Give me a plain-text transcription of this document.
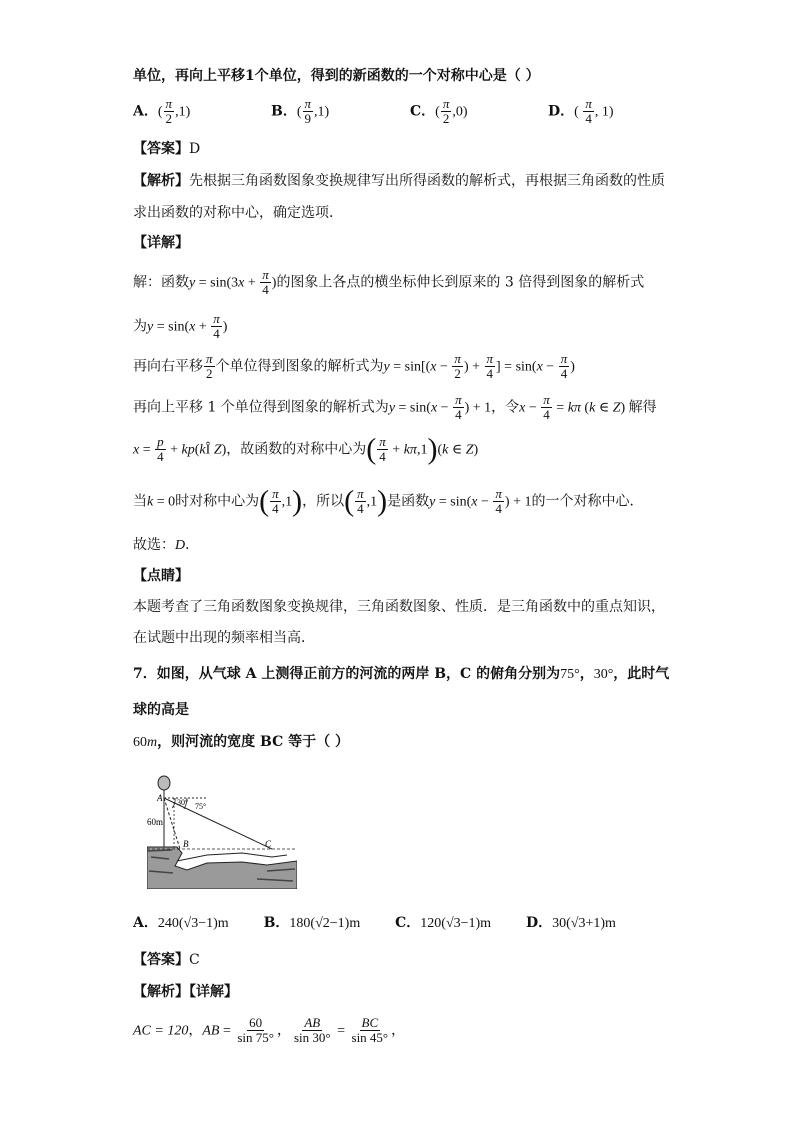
单位，再向上平移1个单位，得到的新函数的一个对称中心是（ ）
A．( $\frac{\pi}{2} ,1$)	B．( $\frac{\pi}{9} ,1$)	C．( $\frac{\pi}{2} ,0$)	D．( $\frac{\pi}{4}$ , 1)
【答案】D
【解析】先根据三角函数图象变换规律写出所得函数的解析式，再根据三角函数的性质
求出函数的对称中心，确定选项．
【详解】
解：函数$y = \sin(3x + \frac{\pi}{4}$ )的图象上各点的横坐标伸长到原来的 3 倍得到图象的解析式
为$y = \sin(x + \frac{\pi}{4}$ )
再向右平移 $\frac{\pi}{2}$ 个单位得到图象的解析式为$y = \sin[(x - \frac{\pi}{2}$ ) + $\frac{\pi}{4}$ ] = $\sin(x - \frac{\pi}{4}$ )
再向上平移 1 个单位得到图象的解析式为$y = \sin(x - \frac{\pi}{4}$ ) + 1，令$x - \frac{\pi}{4} = k\pi$ (k ∈ Z) 解得
$x = \frac{p}{4}$ + kp(kÎ Z)，故函数的对称中心为( $\frac{\pi}{4} + k\pi,1)(k$ ∈ Z)
当k = 0时对称中心为( $\frac{\pi}{4} ,1$)，所以( $\frac{\pi}{4} ,1$)是函数$y = \sin(x - \frac{\pi}{4}$ ) + 1的一个对称中心．
故选：D．
【点睛】
本题考查了三角函数图象变换规律，三角函数图象、性质．是三角函数中的重点知识，
在试题中出现的频率相当高．
7．如图，从气球 A 上测得正前方的河流的两岸 B，C 的俯角分别为75°，30°，此时气
球的高是
60m，则河流的宽度 BC 等于（ ）
A
B	C
60m
30° 75°
A．240(√3−1)m B．180(√2−1)m C．120(√3−1)m D．30(√3+1)m
【答案】C
【解析】【详解】
AC = 120，AB = $\frac{60}{\sin 75^\circ}$ ， $\frac{AB}{\sin 30^\circ} = \frac{BC}{\sin 45^\circ}$ ，
